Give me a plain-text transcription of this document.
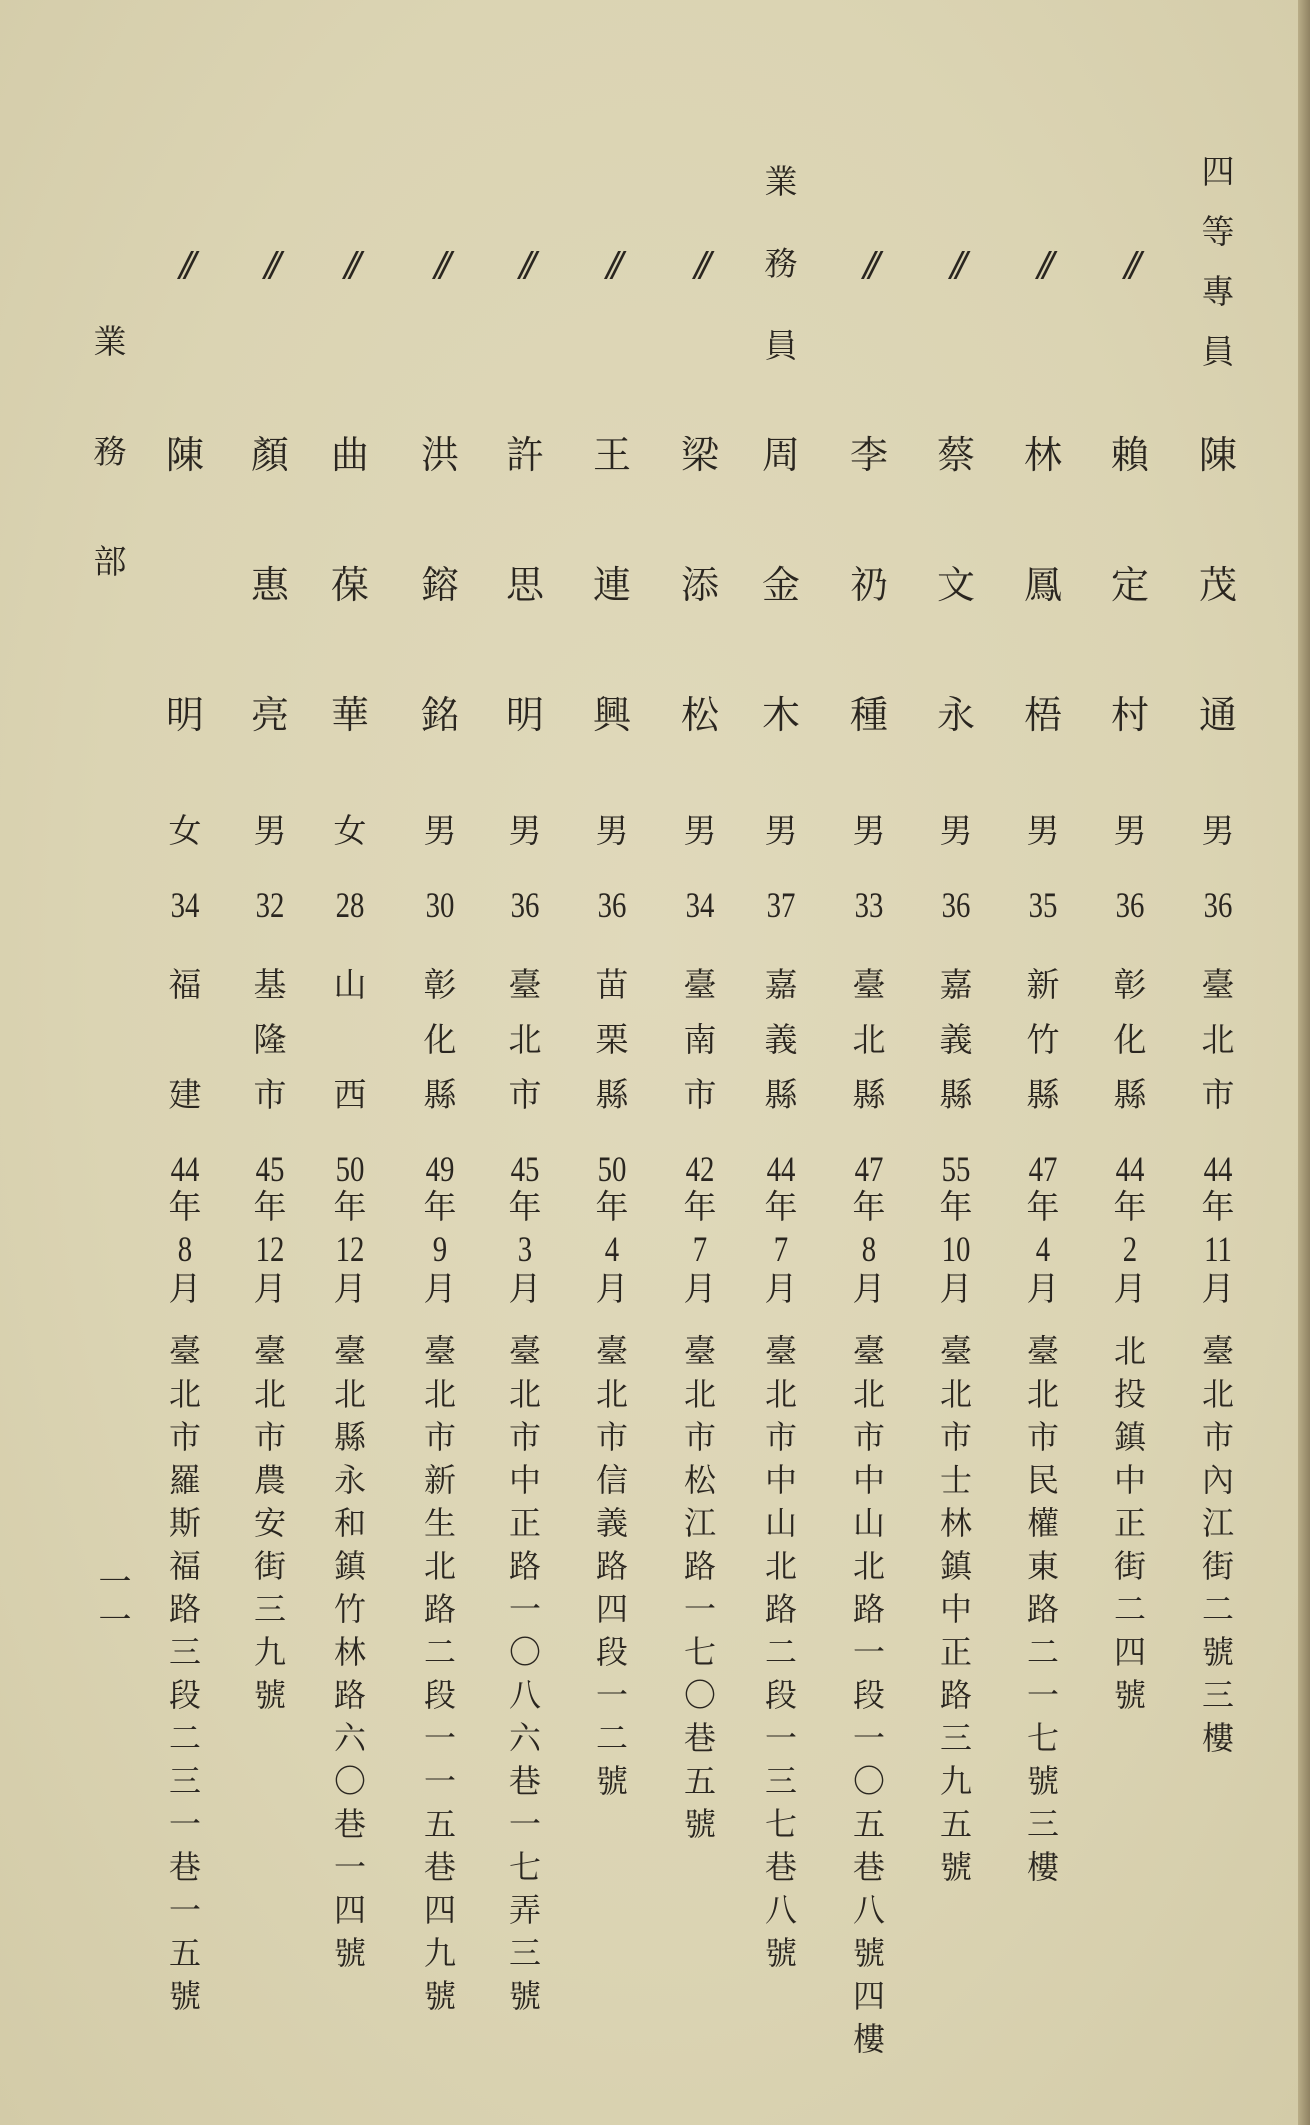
四
等
專
員
陳
茂
通
男
36
臺
北
市
44
年
11
月
臺
北
市
內
江
街
二
號
三
樓
//
賴
定
村
男
36
彰
化
縣
44
年
2
月
北
投
鎮
中
正
街
二
四
號
//
林
鳳
梧
男
35
新
竹
縣
47
年
4
月
臺
北
市
民
權
東
路
二
一
七
號
三
樓
//
蔡
文
永
男
36
嘉
義
縣
55
年
10
月
臺
北
市
士
林
鎮
中
正
路
三
九
五
號
//
李
礽
種
男
33
臺
北
縣
47
年
8
月
臺
北
市
中
山
北
路
一
段
一
〇
五
巷
八
號
四
樓
業
務
員
周
金
木
男
37
嘉
義
縣
44
年
7
月
臺
北
市
中
山
北
路
二
段
一
三
七
巷
八
號
//
梁
添
松
男
34
臺
南
市
42
年
7
月
臺
北
市
松
江
路
一
七
〇
巷
五
號
//
王
連
興
男
36
苗
栗
縣
50
年
4
月
臺
北
市
信
義
路
四
段
一
二
號
//
許
思
明
男
36
臺
北
市
45
年
3
月
臺
北
市
中
正
路
一
〇
八
六
巷
一
七
弄
三
號
//
洪
鎔
銘
男
30
彰
化
縣
49
年
9
月
臺
北
市
新
生
北
路
二
段
一
一
五
巷
四
九
號
//
曲
葆
華
女
28
山
西
50
年
12
月
臺
北
縣
永
和
鎮
竹
林
路
六
〇
巷
一
四
號
//
顏
惠
亮
男
32
基
隆
市
45
年
12
月
臺
北
市
農
安
街
三
九
號
//
陳
明
女
34
福
建
44
年
8
月
臺
北
市
羅
斯
福
路
三
段
二
三
一
巷
一
五
號
業
務
部
一
一
